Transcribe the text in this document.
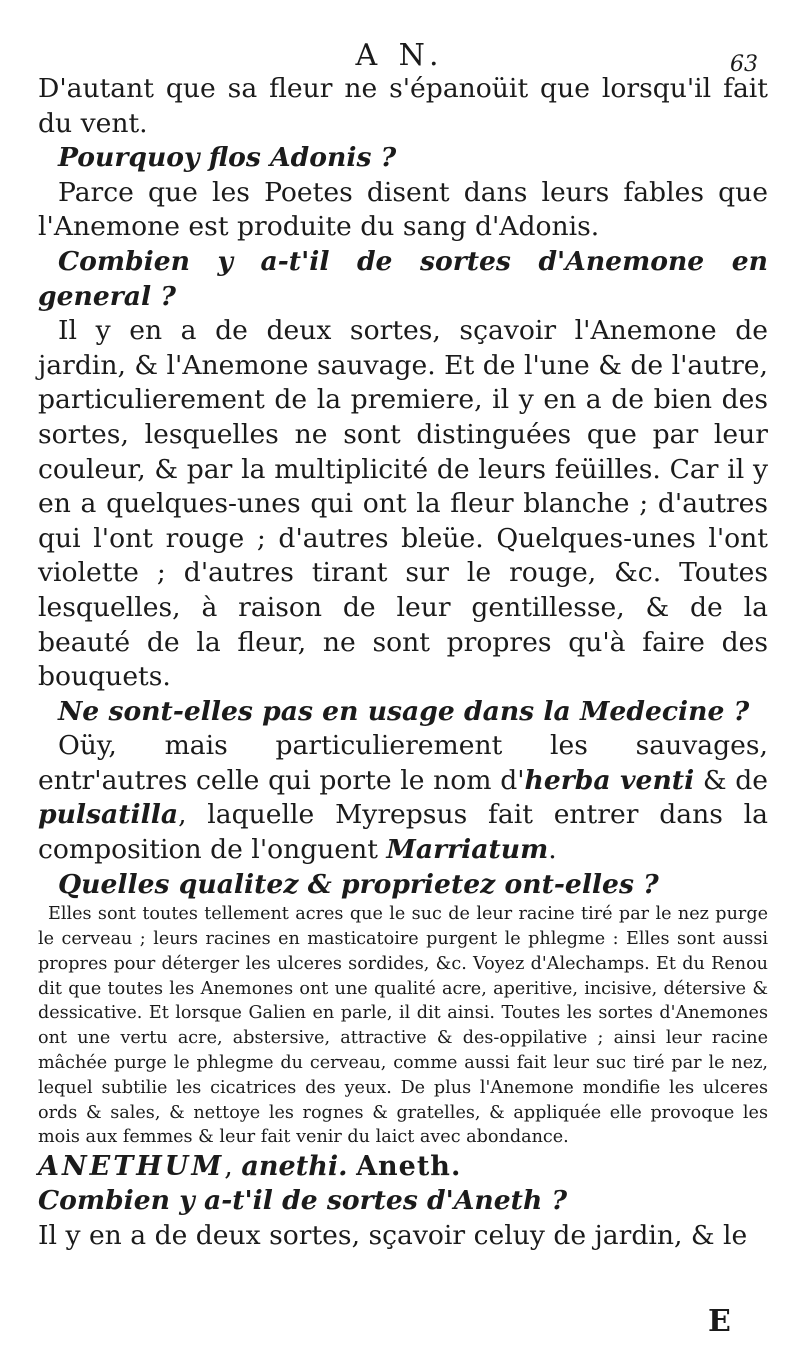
A N.	63

D'autant que sa fleur ne s'épanoüit que lorsqu'il fait du vent.

Pourquoy flos Adonis ?

Parce que les Poetes disent dans leurs fables que l'Anemone est produite du sang d'Adonis.

Combien y a-t'il de sortes d'Anemone en general ?

Il y en a de deux sortes, sçavoir l'Anemone de jardin, & l'Anemone sauvage. Et de l'une & de l'autre, particulierement de la premiere, il y en a de bien des sortes, lesquelles ne sont distinguées que par leur couleur, & par la multiplicité de leurs feüilles. Car il y en a quelques-unes qui ont la fleur blanche ; d'autres qui l'ont rouge ; d'autres bleüe. Quelques-unes l'ont violette ; d'autres tirant sur le rouge, &c. Toutes lesquelles, à raison de leur gentillesse, & de la beauté de la fleur, ne sont propres qu'à faire des bouquets.

Ne sont-elles pas en usage dans la Medecine ?

Oüy, mais particulierement les sauvages, entr'autres celle qui porte le nom d'herba venti & de pulsatilla, laquelle Myrepsus fait entrer dans la composition de l'onguent Marriatum.

Quelles qualitez & proprietez ont-elles ?

Elles sont toutes tellement acres que le suc de leur racine tiré par le nez purge le cerveau ; leurs racines en masticatoire purgent le phlegme : Elles sont aussi propres pour déterger les ulceres sordides, &c. Voyez d'Alechamps. Et du Renou dit que toutes les Anemones ont une qualité acre, aperitive, incisive, détersive & dessicative. Et lorsque Galien en parle, il dit ainsi. Toutes les sortes d'Anemones ont une vertu acre, abstersive, attractive & des-oppilative ; ainsi leur racine mâchée purge le phlegme du cerveau, comme aussi fait leur suc tiré par le nez, lequel subtilie les cicatrices des yeux. De plus l'Anemone mondifie les ulceres ords & sales, & nettoye les rognes & gratelles, & appliquée elle provoque les mois aux femmes & leur fait venir du laict avec abondance.

ANETHUM, anethi. Aneth.

Combien y a-t'il de sortes d'Aneth ?

Il y en a de deux sortes, sçavoir celuy de jardin, & le

E
